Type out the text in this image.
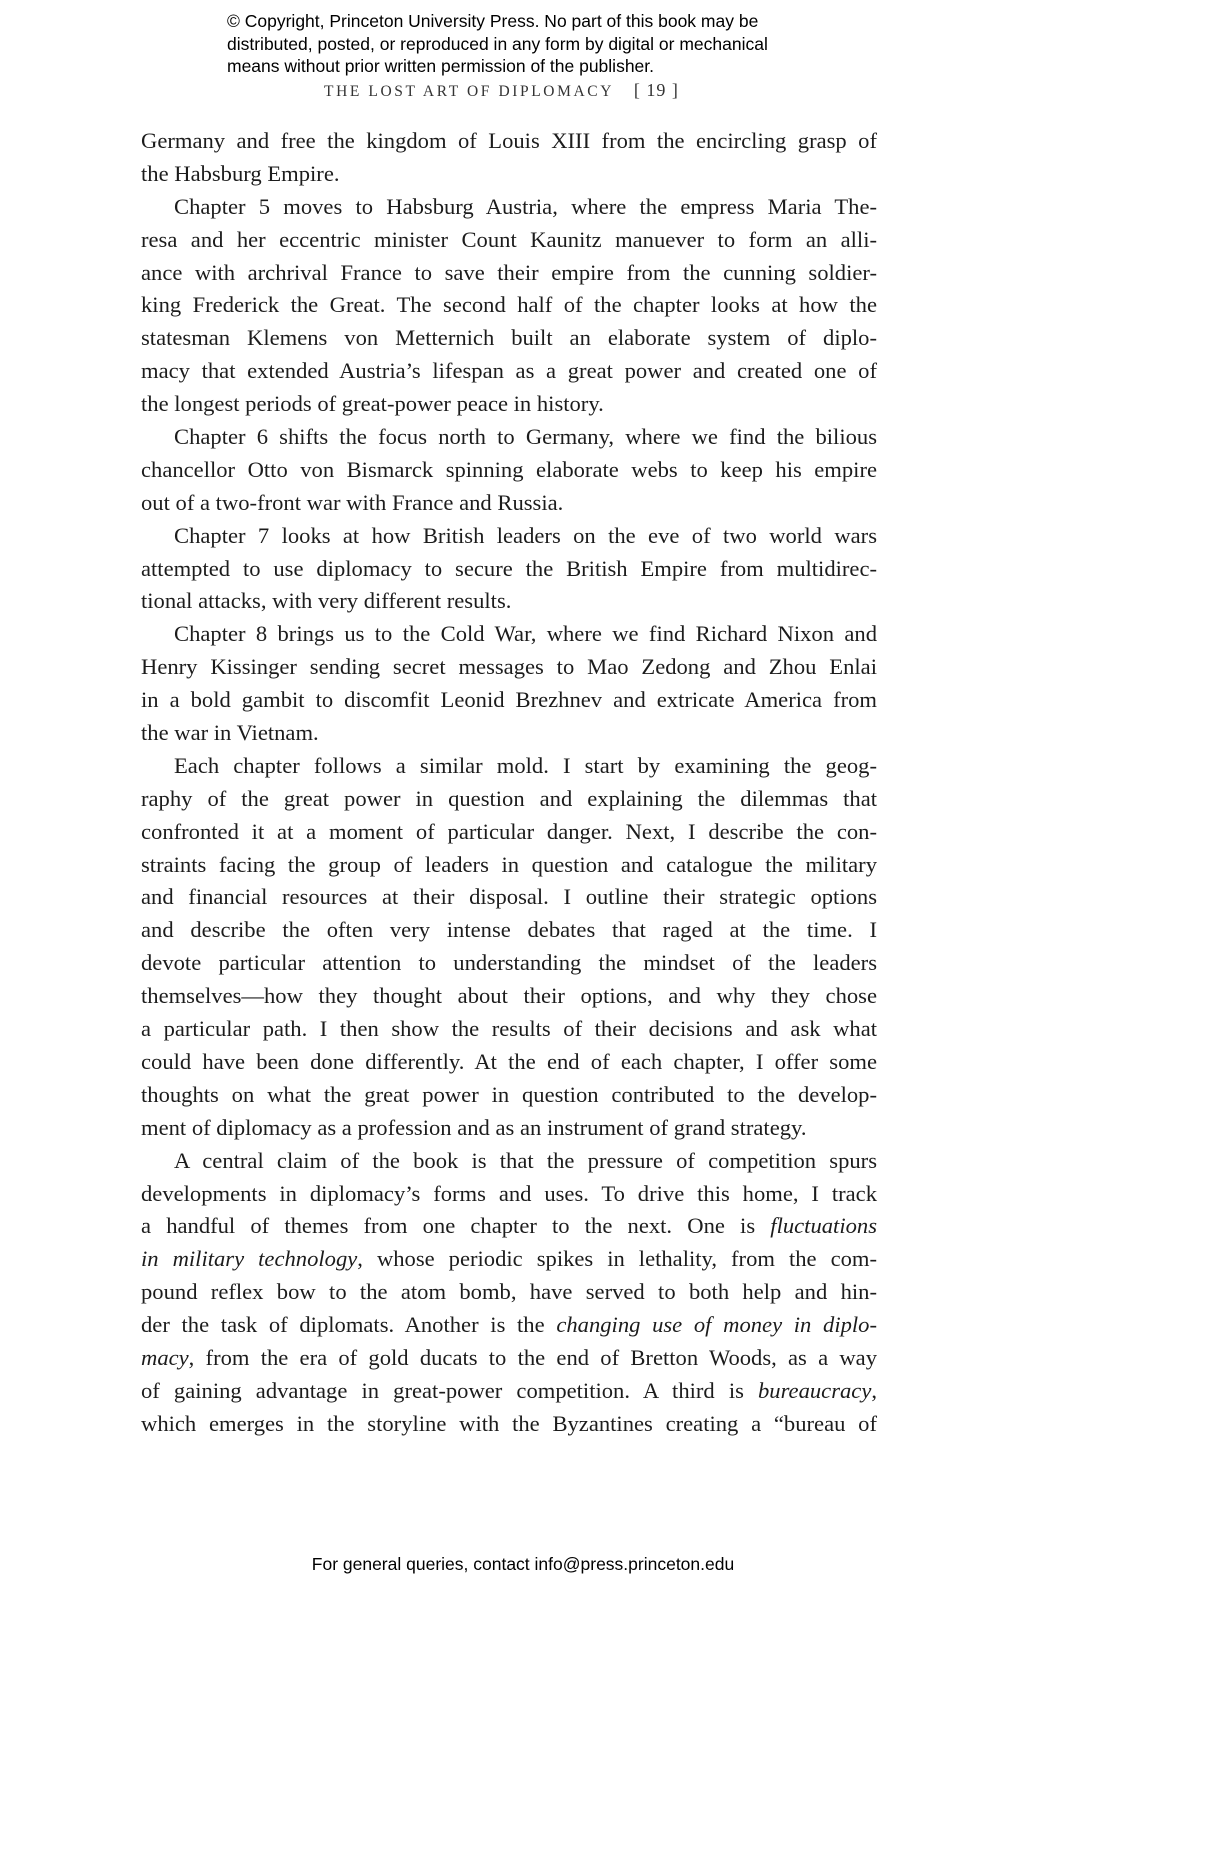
© Copyright, Princeton University Press. No part of this book may be
distributed, posted, or reproduced in any form by digital or mechanical
means without prior written permission of the publisher.
THE LOST ART OF DIPLOMACY [ 19 ]
Germany and free the kingdom of Louis XIII from the encircling grasp of
the Habsburg Empire.
Chapter 5 moves to Habsburg Austria, where the empress Maria The-
resa and her eccentric minister Count Kaunitz manuever to form an alli-
ance with archrival France to save their empire from the cunning soldier-
king Frederick the Great. The second half of the chapter looks at how the
statesman Klemens von Metternich built an elaborate system of diplo-
macy that extended Austria’s lifespan as a great power and created one of
the longest periods of great-power peace in history.
Chapter 6 shifts the focus north to Germany, where we find the bilious
chancellor Otto von Bismarck spinning elaborate webs to keep his empire
out of a two-front war with France and Russia.
Chapter 7 looks at how British leaders on the eve of two world wars
attempted to use diplomacy to secure the British Empire from multidirec-
tional attacks, with very different results.
Chapter 8 brings us to the Cold War, where we find Richard Nixon and
Henry Kissinger sending secret messages to Mao Zedong and Zhou Enlai
in a bold gambit to discomfit Leonid Brezhnev and extricate America from
the war in Vietnam.
Each chapter follows a similar mold. I start by examining the geog-
raphy of the great power in question and explaining the dilemmas that
confronted it at a moment of particular danger. Next, I describe the con-
straints facing the group of leaders in question and catalogue the military
and financial resources at their disposal. I outline their strategic options
and describe the often very intense debates that raged at the time. I
devote particular attention to understanding the mindset of the leaders
themselves—how they thought about their options, and why they chose
a particular path. I then show the results of their decisions and ask what
could have been done differently. At the end of each chapter, I offer some
thoughts on what the great power in question contributed to the develop-
ment of diplomacy as a profession and as an instrument of grand strategy.
A central claim of the book is that the pressure of competition spurs
developments in diplomacy’s forms and uses. To drive this home, I track
a handful of themes from one chapter to the next. One is fluctuations
in military technology, whose periodic spikes in lethality, from the com-
pound reflex bow to the atom bomb, have served to both help and hin-
der the task of diplomats. Another is the changing use of money in diplo-
macy, from the era of gold ducats to the end of Bretton Woods, as a way
of gaining advantage in great-power competition. A third is bureaucracy,
which emerges in the storyline with the Byzantines creating a “bureau of
For general queries, contact info@press.princeton.edu
